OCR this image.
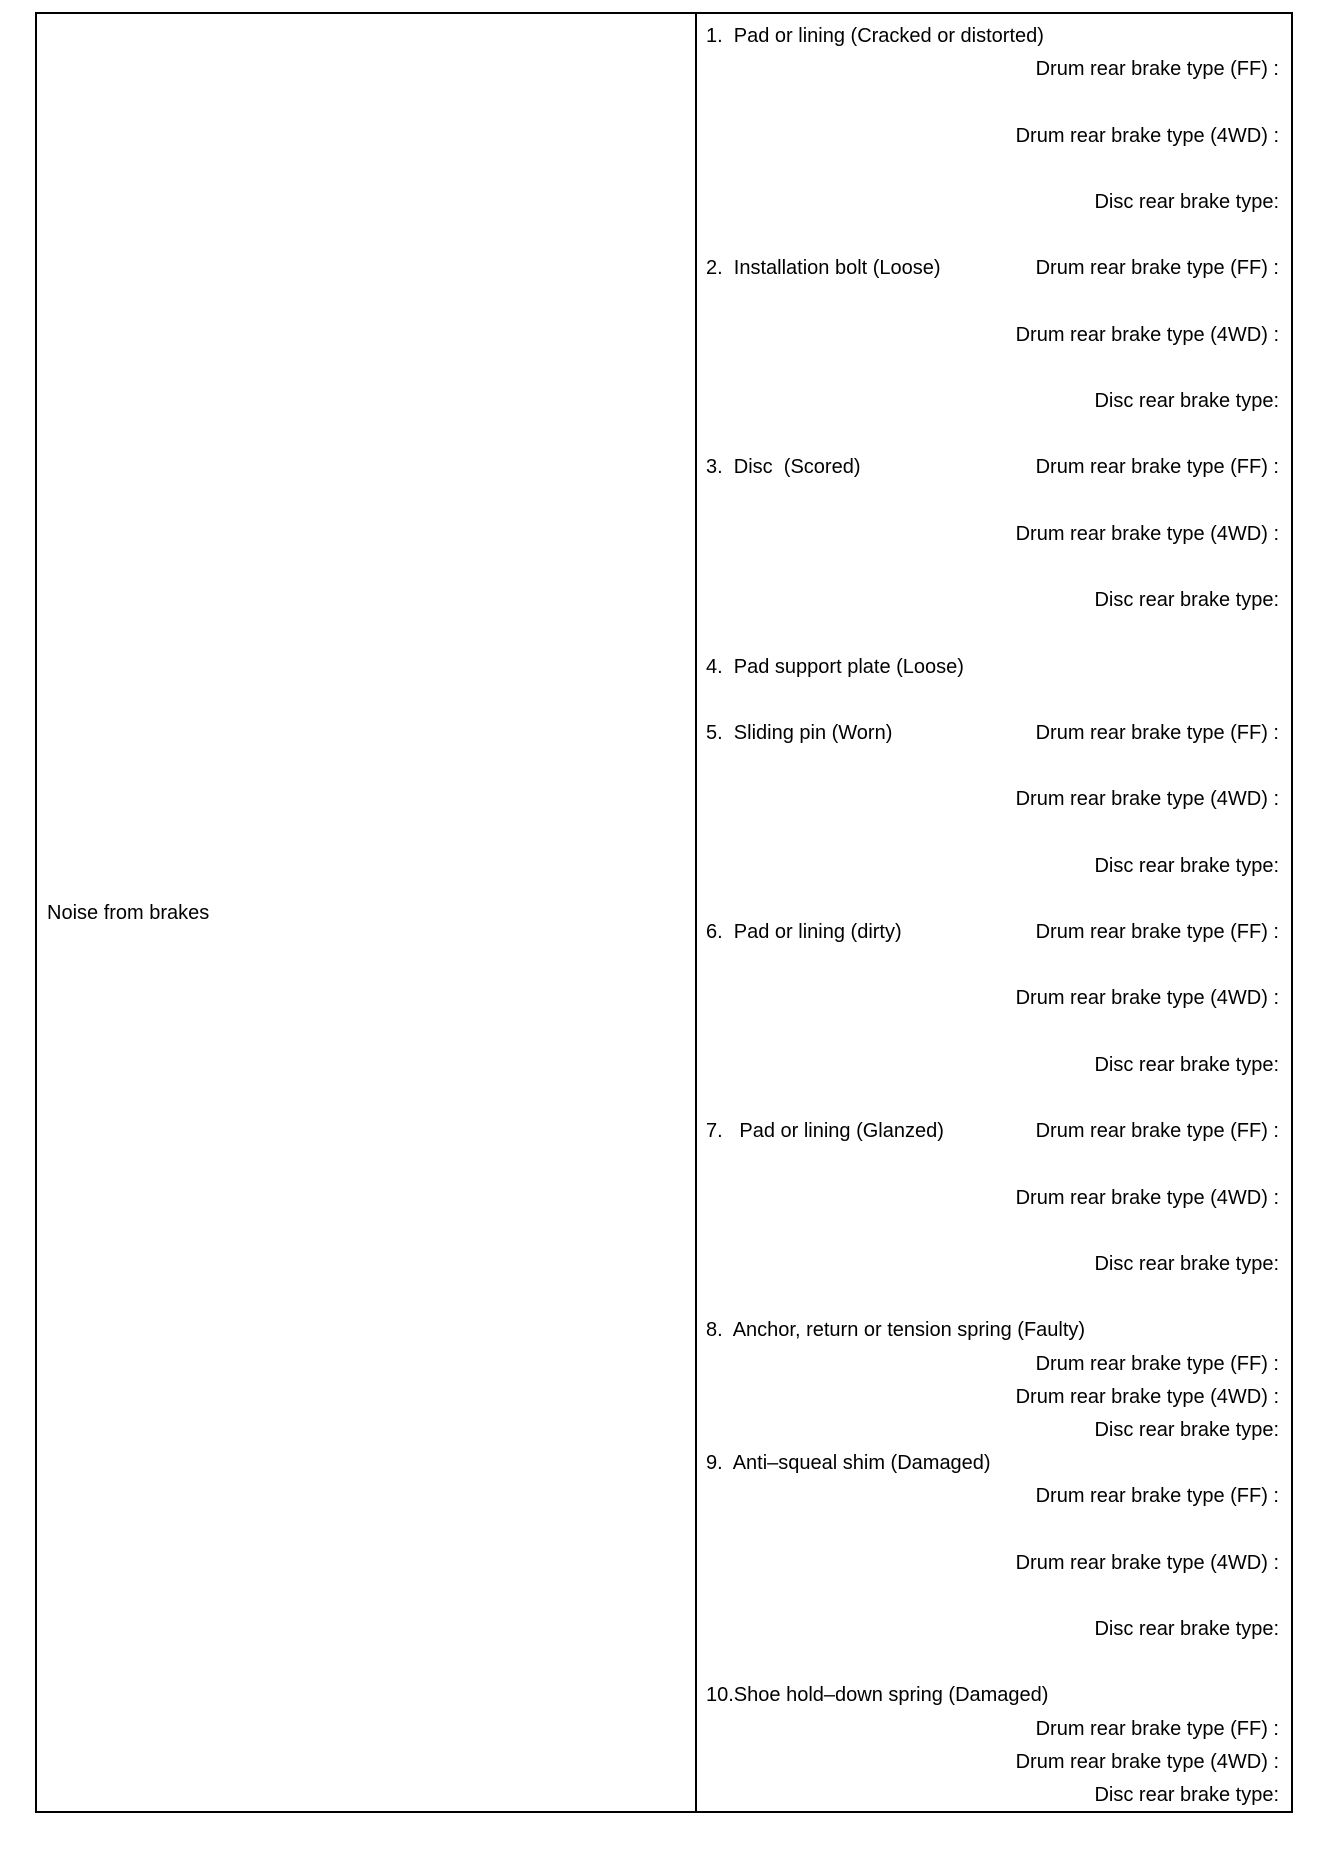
Noise from brakes
1.  Pad or lining (Cracked or distorted)
Drum rear brake type (FF) :
Drum rear brake type (4WD) :
Disc rear brake type:
2.  Installation bolt (Loose)	Drum rear brake type (FF) :
Drum rear brake type (4WD) :
Disc rear brake type:
3.  Disc  (Scored)	Drum rear brake type (FF) :
Drum rear brake type (4WD) :
Disc rear brake type:
4.  Pad support plate (Loose)
5.  Sliding pin (Worn)	Drum rear brake type (FF) :
Drum rear brake type (4WD) :
Disc rear brake type:
6.  Pad or lining (dirty)	Drum rear brake type (FF) :
Drum rear brake type (4WD) :
Disc rear brake type:
7.   Pad or lining (Glanzed)	Drum rear brake type (FF) :
Drum rear brake type (4WD) :
Disc rear brake type:
8.  Anchor, return or tension spring (Faulty)
Drum rear brake type (FF) :
Drum rear brake type (4WD) :
Disc rear brake type:
9.  Anti–squeal shim (Damaged)
Drum rear brake type (FF) :
Drum rear brake type (4WD) :
Disc rear brake type:
10.Shoe hold–down spring (Damaged)
Drum rear brake type (FF) :
Drum rear brake type (4WD) :
Disc rear brake type:
